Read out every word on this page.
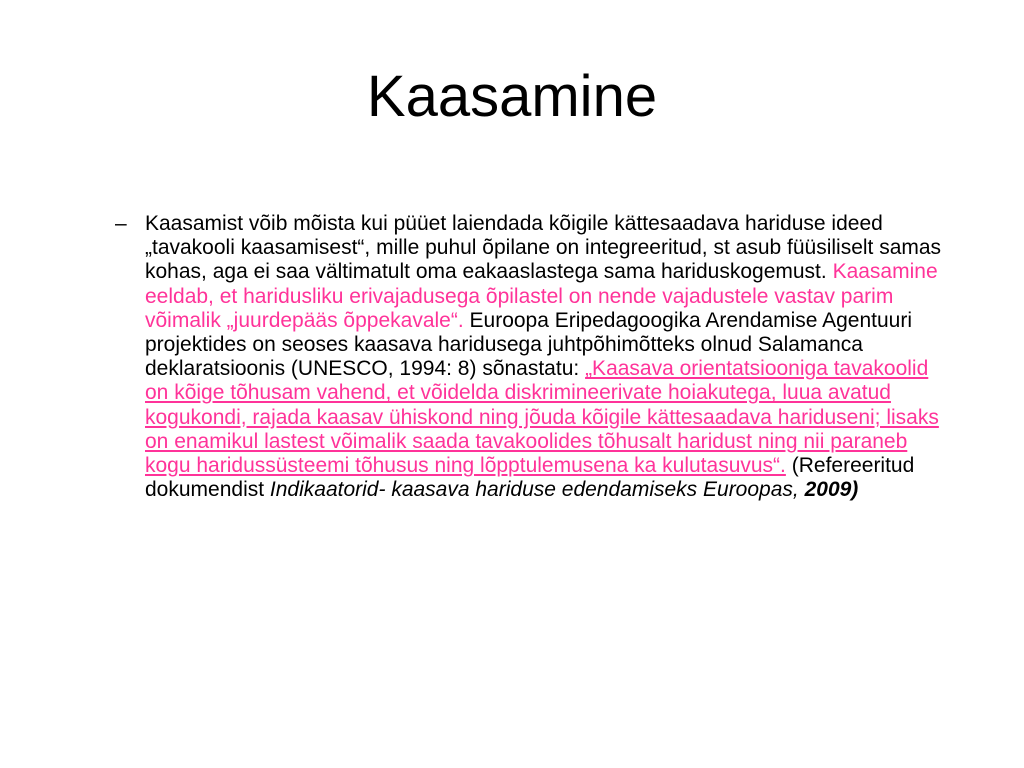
Kaasamine
– Kaasamist võib mõista kui püüet laiendada kõigile kättesaadava hariduse ideed „tavakooli kaasamisest“, mille puhul õpilane on integreeritud, st asub füüsiliselt samas kohas, aga ei saa vältimatult oma eakaaslastega sama hariduskogemust. Kaasamine eeldab, et haridusliku erivajadusega õpilastel on nende vajadustele vastav parim võimalik „juurdepääs õppekavale“. Euroopa Eripedagoogika Arendamise Agentuuri projektides on seoses kaasava haridusega juhtpõhimõtteks olnud Salamanca deklaratsioonis (UNESCO, 1994: 8) sõnastatu: „Kaasava orientatsiooniga tavakoolid on kõige tõhusam vahend, et võidelda diskrimineerivate hoiakutega, luua avatud kogukondi, rajada kaasav ühiskond ning jõuda kõigile kättesaadava hariduseni; lisaks on enamikul lastest võimalik saada tavakoolides tõhusalt haridust ning nii paraneb kogu haridussüsteemi tõhusus ning lõpptulemusena ka kulutasuvus“. (Refereeritud dokumendist Indikaatorid- kaasava hariduse edendamiseks Euroopas, 2009)
